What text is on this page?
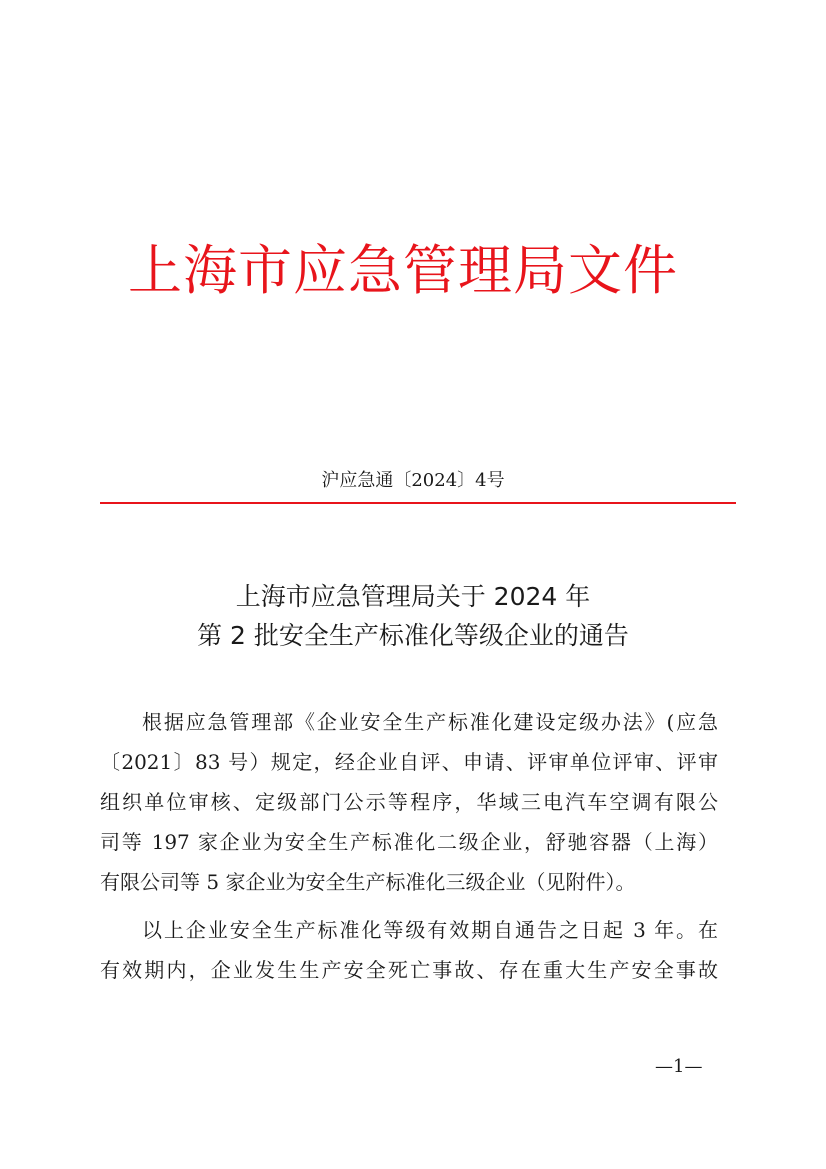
上海市应急管理局文件
沪应急通〔2024〕4号
上海市应急管理局关于 2024 年
第 2 批安全生产标准化等级企业的通告
根据应急管理部《企业安全生产标准化建设定级办法》(应急
〔2021〕83 号）规定，经企业自评、申请、评审单位评审、评审
组织单位审核、定级部门公示等程序，华域三电汽车空调有限公
司等 197 家企业为安全生产标准化二级企业，舒驰容器（上海）
有限公司等 5 家企业为安全生产标准化三级企业（见附件）。
以上企业安全生产标准化等级有效期自通告之日起 3 年。在
有效期内，企业发生生产安全死亡事故、存在重大生产安全事故
—1—
